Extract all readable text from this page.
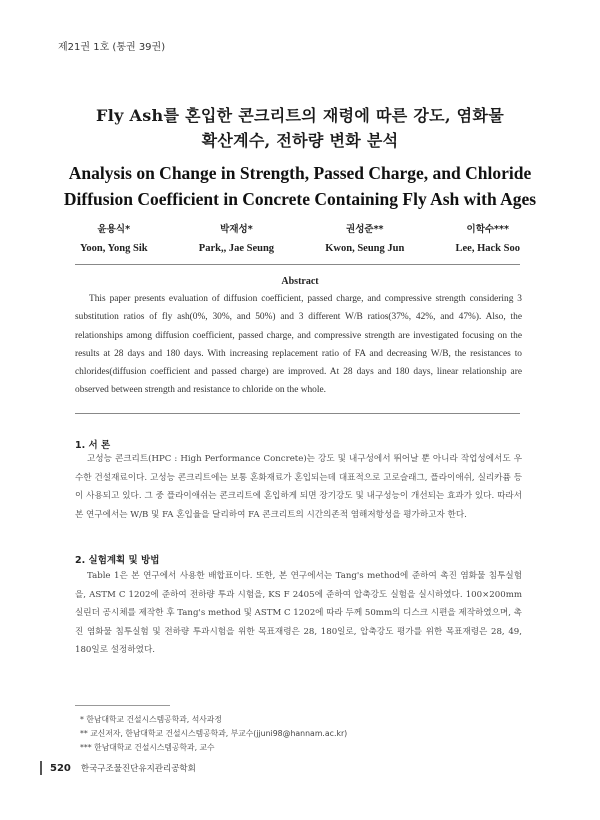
제21권 1호 (통권 39권)
Fly Ash를 혼입한 콘크리트의 재령에 따른 강도, 염화물
확산계수, 전하량 변화 분석
Analysis on Change in Strength, Passed Charge, and Chloride
Diffusion Coefficient in Concrete Containing Fly Ash with Ages
윤용식*
Yoon, Yong Sik
박재성*
Park,, Jae Seung
권성준**
Kwon, Seung Jun
이학수***
Lee, Hack Soo
Abstract

This paper presents evaluation of diffusion coefficient, passed charge, and compressive strength considering 3 substitution ratios of fly ash(0%, 30%, and 50%) and 3 different W/B ratios(37%, 42%, and 47%). Also, the relationships among diffusion coefficient, passed charge, and compressive strength are investigated focusing on the results at 28 days and 180 days. With increasing replacement ratio of FA and decreasing W/B, the resistances to chlorides(diffusion coefficient and passed charge) are improved. At 28 days and 180 days, linear relationship are observed between strength and resistance to chloride on the whole.

1. 서 론

고성능 콘크리트(HPC : High Performance Concrete)는 강도 및 내구성에서 뛰어날 뿐 아니라 작업성에서도 우수한 건설재료이다. 고성능 콘크리트에는 보통 혼화재료가 혼입되는데 대표적으로 고로슬래그, 플라이애쉬, 실리카퓸 등이 사용되고 있다. 그 중 플라이애쉬는 콘크리트에 혼입하게 되면 장기강도 및 내구성능이 개선되는 효과가 있다. 따라서 본 연구에서는 W/B 및 FA 혼입율을 달리하여 FA 콘크리트의 시간의존적 염해저항성을 평가하고자 한다.

2. 실험계획 및 방법

Table 1은 본 연구에서 사용한 배합표이다. 또한, 본 연구에서는 Tang's method에 준하여 촉진 염화물 침투실험을, ASTM C 1202에 준하여 전하량 투과 시험을, KS F 2405에 준하여 압축강도 실험을 실시하였다. 100×200mm 실린더 공시체를 제작한 후 Tang's method 및 ASTM C 1202에 따라 두께 50mm의 디스크 시편을 제작하였으며, 촉진 염화물 침투실험 및 전하량 투과시험을 위한 목표재령은 28, 180일로, 압축강도 평가를 위한 목표재령은 28, 49, 180일로 설정하였다.

* 한남대학교 건설시스템공학과, 석사과정
** 교신저자, 한남대학교 건설시스템공학과, 부교수(jjuni98@hannam.ac.kr)
*** 한남대학교 건설시스템공학과, 교수
520 한국구조물진단유지관리공학회
